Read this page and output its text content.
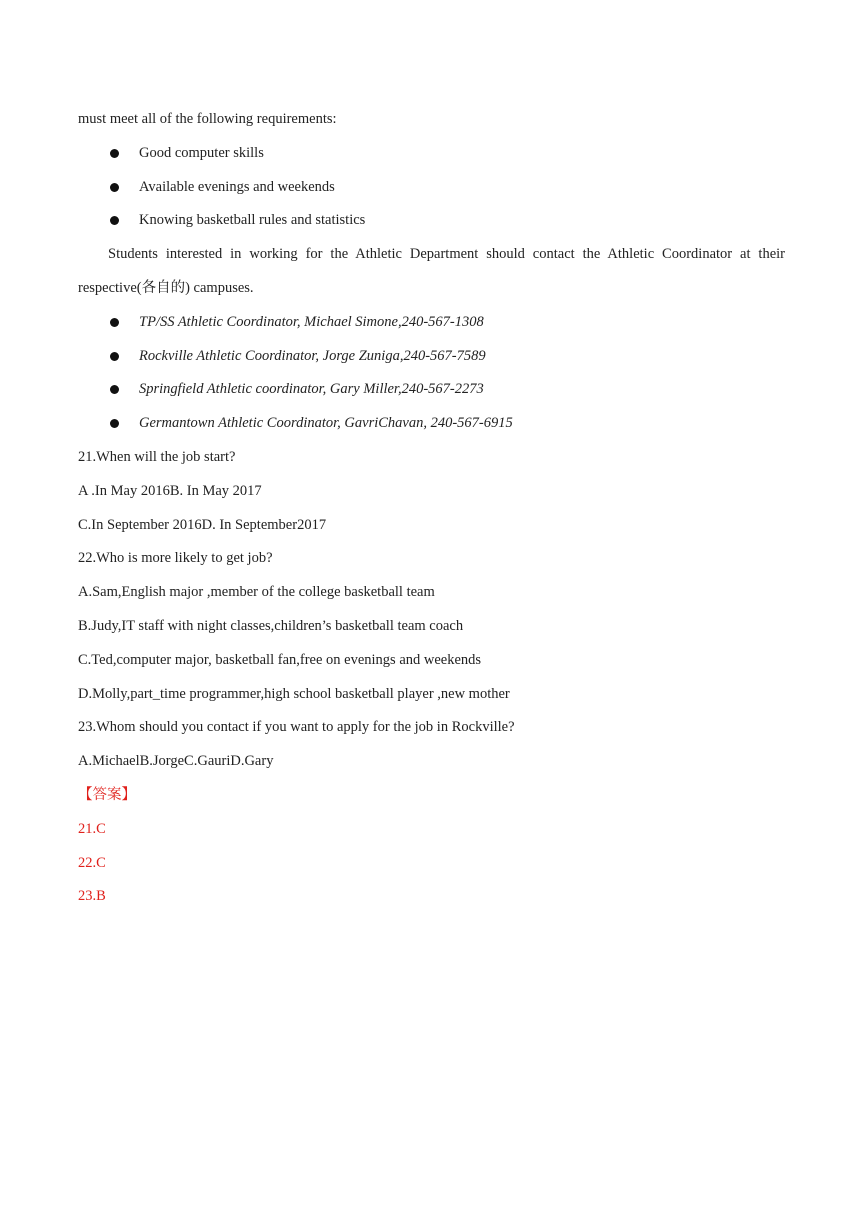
must meet all of the following requirements:
Good computer skills
Available evenings and weekends
Knowing basketball rules and statistics

Students interested in working for the Athletic Department should contact the Athletic Coordinator at their respective(各自的) campuses.

TP/SS Athletic Coordinator, Michael Simone,240-567-1308
Rockville Athletic Coordinator, Jorge Zuniga,240-567-7589
Springfield Athletic coordinator, Gary Miller,240-567-2273
Germantown Athletic Coordinator, GavriChavan, 240-567-6915
21.When will the job start?
A .In May 2016B. In May 2017
C.In September 2016D. In September2017
22.Who is more likely to get job?
A.Sam,English major ,member of the college basketball team
B.Judy,IT staff with night classes,children’s basketball team coach
C.Ted,computer major, basketball fan,free on evenings and weekends
D.Molly,part_time programmer,high school basketball player ,new mother
23.Whom should you contact if you want to apply for the job in Rockville?
A.MichaelB.JorgeC.GauriD.Gary
【答案】
21.C
22.C
23.B
